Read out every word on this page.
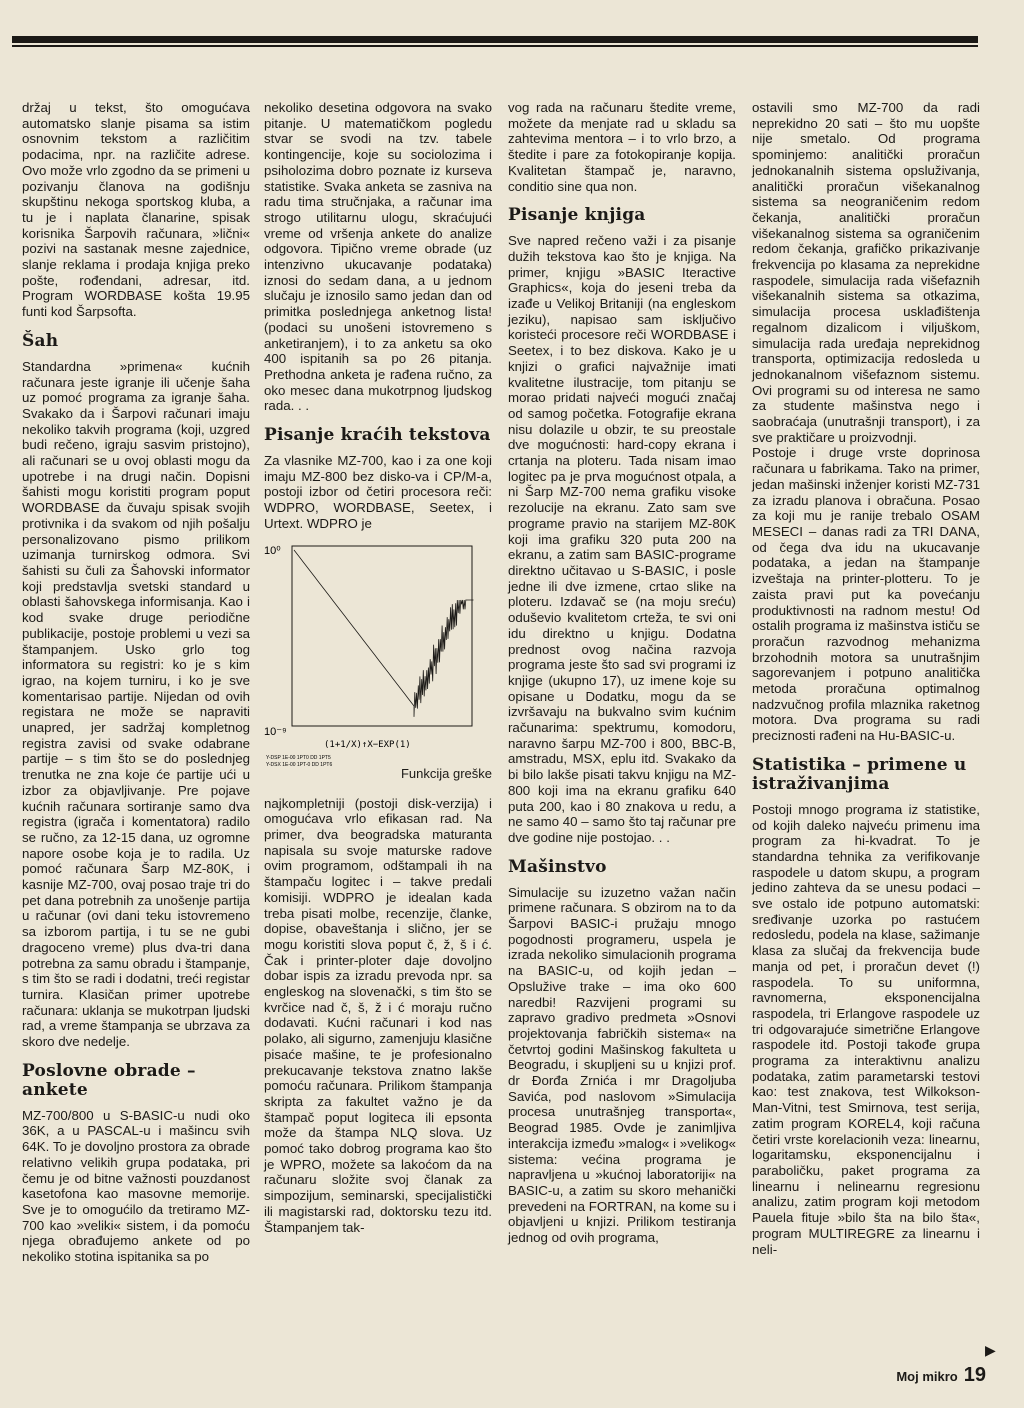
držaj u tekst, što omogućava automatsko slanje pisama sa istim osnovnim tekstom a različitim podacima, npr. na različite adrese. Ovo može vrlo zgodno da se primeni u pozivanju članova na godišnju skupštinu nekoga sportskog kluba, a tu je i naplata članarine, spisak korisnika Šarpovih računara, »lični« pozivi na sastanak mesne zajednice, slanje reklama i prodaja knjiga preko pošte, rođendani, adresar, itd. Program WORDBASE košta 19.95 funti kod Šarpsofta.

Šah

Standardna »primena« kućnih računara jeste igranje ili učenje šaha uz pomoć programa za igranje šaha. Svakako da i Šarpovi računari imaju nekoliko takvih programa (koji, uzgred budi rečeno, igraju sasvim pristojno), ali računari se u ovoj oblasti mogu da upotrebe i na drugi način. Dopisni šahisti mogu koristiti program poput WORDBASE da čuvaju spisak svojih protivnika i da svakom od njih pošalju personalizovano pismo prilikom uzimanja turnirskog odmora. Svi šahisti su čuli za Šahovski informator koji predstavlja svetski standard u oblasti šahovskega informisanja. Kao i kod svake druge periodične publikacije, postoje problemi u vezi sa štampanjem. Usko grlo tog informatora su registri: ko je s kim igrao, na kojem turniru, i ko je sve komentarisao partije. Nijedan od ovih registara ne može se napraviti unapred, jer sadržaj kompletnog registra zavisi od svake odabrane partije – s tim što se do poslednjeg trenutka ne zna koje će partije ući u izbor za objavljivanje. Pre pojave kućnih računara sortiranje samo dva registra (igrača i komentatora) radilo se ručno, za 12-15 dana, uz ogromne napore osobe koja je to radila. Uz pomoć računara Šarp MZ-80K, i kasnije MZ-700, ovaj posao traje tri do pet dana potrebnih za unošenje partija u računar (ovi dani teku istovremeno sa izborom partija, i tu se ne gubi dragoceno vreme) plus dva-tri dana potrebna za samu obradu i štampanje, s tim što se radi i dodatni, treći registar turnira. Klasičan primer upotrebe računara: uklanja se mukotrpan ljudski rad, a vreme štampanja se ubrzava za skoro dve nedelje.

Poslovne obrade – ankete

MZ-700/800 u S-BASIC-u nudi oko 36K, a u PASCAL-u i mašincu svih 64K. To je dovoljno prostora za obrade relativno velikih grupa podataka, pri čemu je od bitne važnosti pouzdanost kasetofona kao masovne memorije. Sve je to omogućilo da tretiramo MZ-700 kao »veliki« sistem, i da pomoću njega obrađujemo ankete od po nekoliko stotina ispitanika sa po

nekoliko desetina odgovora na svako pitanje. U matematičkom pogledu stvar se svodi na tzv. tabele kontingencije, koje su sociolozima i psiholozima dobro poznate iz kurseva statistike. Svaka anketa se zasniva na radu tima stručnjaka, a računar ima strogo utilitarnu ulogu, skraćujući vreme od vršenja ankete do analize odgovora. Tipično vreme obrade (uz intenzivno ukucavanje podataka) iznosi do sedam dana, a u jednom slučaju je iznosilo samo jedan dan od primitka poslednjega anketnog lista! (podaci su unošeni istovremeno s anketiranjem), i to za anketu sa oko 400 ispitanih sa po 26 pitanja. Prethodna anketa je rađena ručno, za oko mesec dana mukotrpnog ljudskog rada. . .

Pisanje kraćih tekstova

Za vlasnike MZ-700, kao i za one koji imaju MZ-800 bez disko-va i CP/M-a, postoji izbor od četiri procesora reči: WDPRO, WORDBASE, Seetex, i Urtext. WDPRO je

10⁰
10⁻⁹
(1+1/X)↑X−EXP(1)
Y-DSP 1E-00 1PT0 DD 1PT5
Y-DSX 1E-00 1PT-0 DD 1PT6
Funkcija greške

najkompletniji (postoji disk-verzija) i omogućava vrlo efikasan rad. Na primer, dva beogradska maturanta napisala su svoje maturske radove ovim programom, odštampali ih na štampaču logitec i – takve predali komisiji. WDPRO je idealan kada treba pisati molbe, recenzije, članke, dopise, obaveštanja i slično, jer se mogu koristiti slova poput č, ž, š i ć. Čak i printer-ploter daje dovoljno dobar ispis za izradu prevoda npr. sa engleskog na slovenački, s tim što se kvrčice nad č, š, ž i ć moraju ručno dodavati. Kućni računari i kod nas polako, ali sigurno, zamenjuju klasične pisaće mašine, te je profesionalno prekucavanje tekstova znatno lakše pomoću računara. Prilikom štampanja skripta za fakultet važno je da štampač poput logiteca ili epsonta može da štampa NLQ slova. Uz pomoć tako dobrog programa kao što je WPRO, možete sa lakoćom da na računaru složite svoj članak za simpozijum, seminarski, specijalistički ili magistarski rad, doktorsku tezu itd. Štampanjem tak-

vog rada na računaru štedite vreme, možete da menjate rad u skladu sa zahtevima mentora – i to vrlo brzo, a štedite i pare za fotokopiranje kopija. Kvalitetan štampač je, naravno, conditio sine qua non.

Pisanje knjiga

Sve napred rečeno važi i za pisanje dužih tekstova kao što je knjiga. Na primer, knjigu »BASIC Iteractive Graphics«, koja do jeseni treba da izađe u Velikoj Britaniji (na engleskom jeziku), napisao sam isključivo koristeći procesore reči WORDBASE i Seetex, i to bez diskova. Kako je u knjizi o grafici najvažnije imati kvalitetne ilustracije, tom pitanju se morao pridati najveći mogući značaj od samog početka. Fotografije ekrana nisu dolazile u obzir, te su preostale dve mogućnosti: hard-copy ekrana i crtanja na ploteru. Tada nisam imao logitec pa je prva mogućnost otpala, a ni Šarp MZ-700 nema grafiku visoke rezolucije na ekranu. Zato sam sve programe pravio na starijem MZ-80K koji ima grafiku 320 puta 200 na ekranu, a zatim sam BASIC-programe direktno učitavao u S-BASIC, i posle jedne ili dve izmene, crtao slike na ploteru. Izdavač se (na moju sreću) oduševio kvalitetom crteža, te svi oni idu direktno u knjigu. Dodatna prednost ovog načina razvoja programa jeste što sad svi programi iz knjige (ukupno 17), uz imene koje su opisane u Dodatku, mogu da se izvršavaju na bukvalno svim kućnim računarima: spektrumu, komodoru, naravno šarpu MZ-700 i 800, BBC-B, amstradu, MSX, eplu itd. Svakako da bi bilo lakše pisati takvu knjigu na MZ-800 koji ima na ekranu grafiku 640 puta 200, kao i 80 znakova u redu, a ne samo 40 – samo što taj računar pre dve godine nije postojao. . .

Mašinstvo

Simulacije su izuzetno važan način primene računara. S obzirom na to da Šarpovi BASIC-i pružaju mnogo pogodnosti programeru, uspela je izrada nekoliko simulacionih programa na BASIC-u, od kojih jedan – Opslužive trake – ima oko 600 naredbi! Razvijeni programi su zapravo gradivo predmeta »Osnovi projektovanja fabričkih sistema« na četvrtoj godini Mašinskog fakulteta u Beogradu, i skupljeni su u knjizi prof. dr Đorđa Zrnića i mr Dragoljuba Savića, pod naslovom »Simulacija procesa unutrašnjeg transporta«, Beograd 1985. Ovde je zanimljiva interakcija između »malog« i »velikog« sistema: većina programa je napravljena u »kućnoj laboratoriji« na BASIC-u, a zatim su skoro mehanički prevedeni na FORTRAN, na kome su i objavljeni u knjizi. Prilikom testiranja jednog od ovih programa,

ostavili smo MZ-700 da radi neprekidno 20 sati – što mu uopšte nije smetalo. Od programa spominjemo: analitički proračun jednokanalnih sistema opsluživanja, analitički proračun višekanalnog sistema sa neograničenim redom čekanja, analitički proračun višekanalnog sistema sa ograničenim redom čekanja, grafičko prikazivanje frekvencija po klasama za neprekidne raspodele, simulacija rada višefaznih višekanalnih sistema sa otkazima, simulacija procesa usklađištenja regalnom dizalicom i viljuškom, simulacija rada uređaja neprekidnog transporta, optimizacija redosleda u jednokanalnom višefaznom sistemu. Ovi programi su od interesa ne samo za studente mašinstva nego i saobraćaja (unutrašnji transport), i za sve praktičare u proizvodnji.

Postoje i druge vrste doprinosa računara u fabrikama. Tako na primer, jedan mašinski inženjer koristi MZ-731 za izradu planova i obračuna. Posao za koji mu je ranije trebalo OSAM MESECI – danas radi za TRI DANA, od čega dva idu na ukucavanje podataka, a jedan na štampanje izveštaja na printer-plotteru. To je zaista pravi put ka povećanju produktivnosti na radnom mestu! Od ostalih programa iz mašinstva ističu se proračun razvodnog mehanizma brzohodnih motora sa unutrašnjim sagorevanjem i potpuno analitička metoda proračuna optimalnog nadzvučnog profila mlaznika raketnog motora. Dva programa su radi preciznosti rađeni na Hu-BASIC-u.

Statistika – primene u istraživanjima

Postoji mnogo programa iz statistike, od kojih daleko najveću primenu ima program za hi-kvadrat. To je standardna tehnika za verifikovanje raspodele u datom skupu, a program jedino zahteva da se unesu podaci – sve ostalo ide potpuno automatski: sređivanje uzorka po rastućem redosledu, podela na klase, sažimanje klasa za slučaj da frekvencija bude manja od pet, i proračun devet (!) raspodela. To su uniformna, ravnomerna, eksponencijalna raspodela, tri Erlangove raspodele uz tri odgovarajuće simetrične Erlangove raspodele itd. Postoji takođe grupa programa za interaktivnu analizu podataka, zatim parametarski testovi kao: test znakova, test Wilkokson-Man-Vitni, test Smirnova, test serija, zatim program KOREL4, koji računa četiri vrste korelacionih veza: linearnu, logaritamsku, eksponencijalnu i paraboličku, paket programa za linearnu i nelinearnu regresionu analizu, zatim program koji metodom Pauela fituje »bilo šta na bilo šta«, program MULTIREGRE za linearnu i neli-

▶
Moj mikro 19
